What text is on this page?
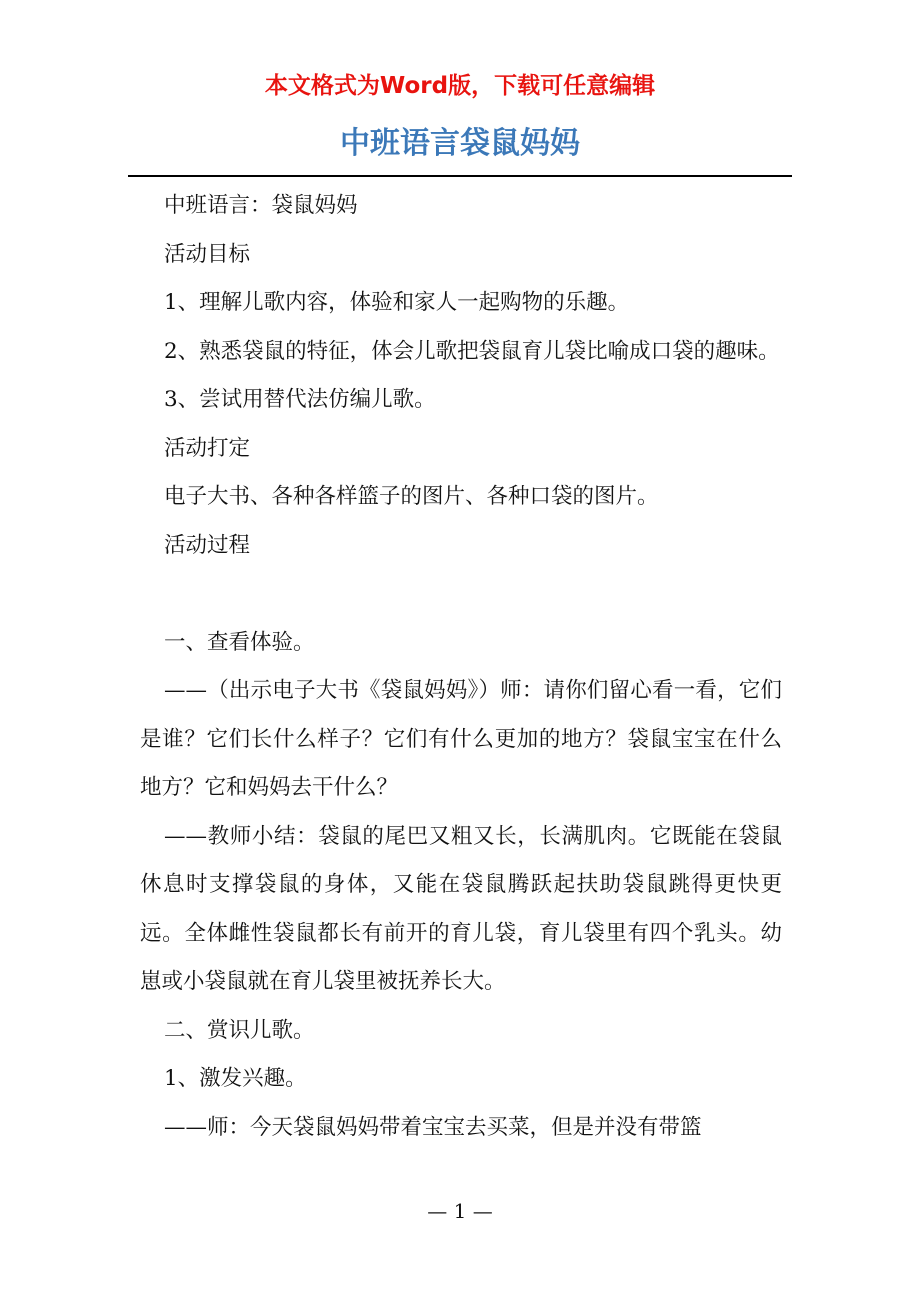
本文格式为Word版，下载可任意编辑
中班语言袋鼠妈妈

中班语言：袋鼠妈妈

活动目标

1、理解儿歌内容，体验和家人一起购物的乐趣。

2、熟悉袋鼠的特征，体会儿歌把袋鼠育儿袋比喻成口袋的趣味。

3、尝试用替代法仿编儿歌。

活动打定

电子大书、各种各样篮子的图片、各种口袋的图片。

活动过程

一、查看体验。

——（出示电子大书《袋鼠妈妈》）师：请你们留心看一看，它们是谁？它们长什么样子？它们有什么更加的地方？袋鼠宝宝在什么地方？它和妈妈去干什么？

——教师小结：袋鼠的尾巴又粗又长，长满肌肉。它既能在袋鼠休息时支撑袋鼠的身体，又能在袋鼠腾跃起扶助袋鼠跳得更快更远。全体雌性袋鼠都长有前开的育儿袋，育儿袋里有四个乳头。幼崽或小袋鼠就在育儿袋里被抚养长大。

二、赏识儿歌。

1、激发兴趣。

——师：今天袋鼠妈妈带着宝宝去买菜，但是并没有带篮

— 1 —
